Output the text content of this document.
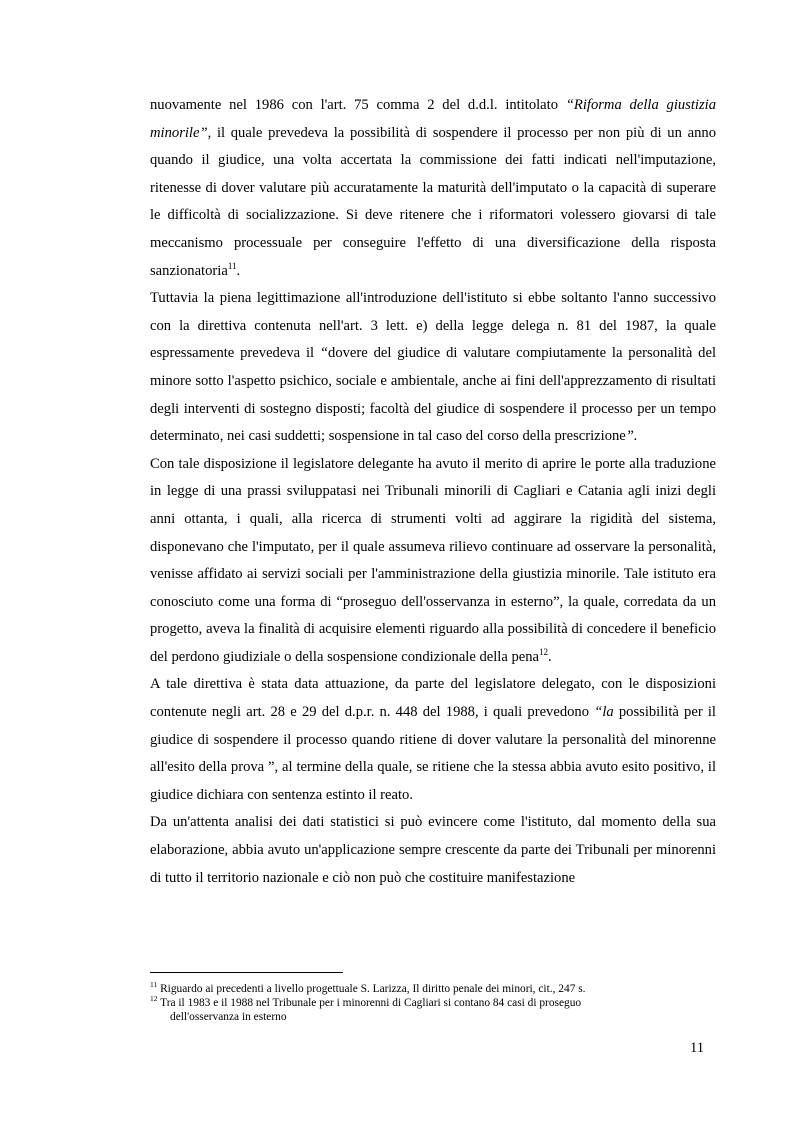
nuovamente nel 1986 con l'art. 75 comma 2 del d.d.l. intitolato “Riforma della giustizia minorile”, il quale prevedeva la possibilità di sospendere il processo per non più di un anno quando il giudice, una volta accertata la commissione dei fatti indicati nell'imputazione, ritenesse di dover valutare più accuratamente la maturità dell'imputato o la capacità di superare le difficoltà di socializzazione. Si deve ritenere che i riformatori volessero giovarsi di tale meccanismo processuale per conseguire l'effetto di una diversificazione della risposta sanzionatoria$^{11}$.

Tuttavia la piena legittimazione all'introduzione dell'istituto si ebbe soltanto l'anno successivo con la direttiva contenuta nell'art. 3 lett. e) della legge delega n. 81 del 1987, la quale espressamente prevedeva il “dovere del giudice di valutare compiutamente la personalità del minore sotto l'aspetto psichico, sociale e ambientale, anche ai fini dell'apprezzamento di risultati degli interventi di sostegno disposti; facoltà del giudice di sospendere il processo per un tempo determinato, nei casi suddetti; sospensione in tal caso del corso della prescrizione”.

Con tale disposizione il legislatore delegante ha avuto il merito di aprire le porte alla traduzione in legge di una prassi sviluppatasi nei Tribunali minorili di Cagliari e Catania agli inizi degli anni ottanta, i quali, alla ricerca di strumenti volti ad aggirare la rigidità del sistema, disponevano che l'imputato, per il quale assumeva rilievo continuare ad osservare la personalità, venisse affidato ai servizi sociali per l'amministrazione della giustizia minorile. Tale istituto era conosciuto come una forma di “proseguo dell'osservanza in esterno”, la quale, corredata da un progetto, aveva la finalità di acquisire elementi riguardo alla possibilità di concedere il beneficio del perdono giudiziale o della sospensione condizionale della pena$^{12}$.

A tale direttiva è stata data attuazione, da parte del legislatore delegato, con le disposizioni contenute negli art. 28 e 29 del d.p.r. n. 448 del 1988, i quali prevedono “la possibilità per il giudice di sospendere il processo quando ritiene di dover valutare la personalità del minorenne all'esito della prova ”, al termine della quale, se ritiene che la stessa abbia avuto esito positivo, il giudice dichiara con sentenza estinto il reato.

Da un'attenta analisi dei dati statistici si può evincere come l'istituto, dal momento della sua elaborazione, abbia avuto un'applicazione sempre crescente da parte dei Tribunali per minorenni di tutto il territorio nazionale e ciò non può che costituire manifestazione

$^{11}$ Riguardo ai precedenti a livello progettuale S. Larizza, Il diritto penale dei minori, cit., 247 s.

$^{12}$ Tra il 1983 e il 1988 nel Tribunale per i minorenni di Cagliari si contano 84 casi di proseguo
dell'osservanza in esterno

11
